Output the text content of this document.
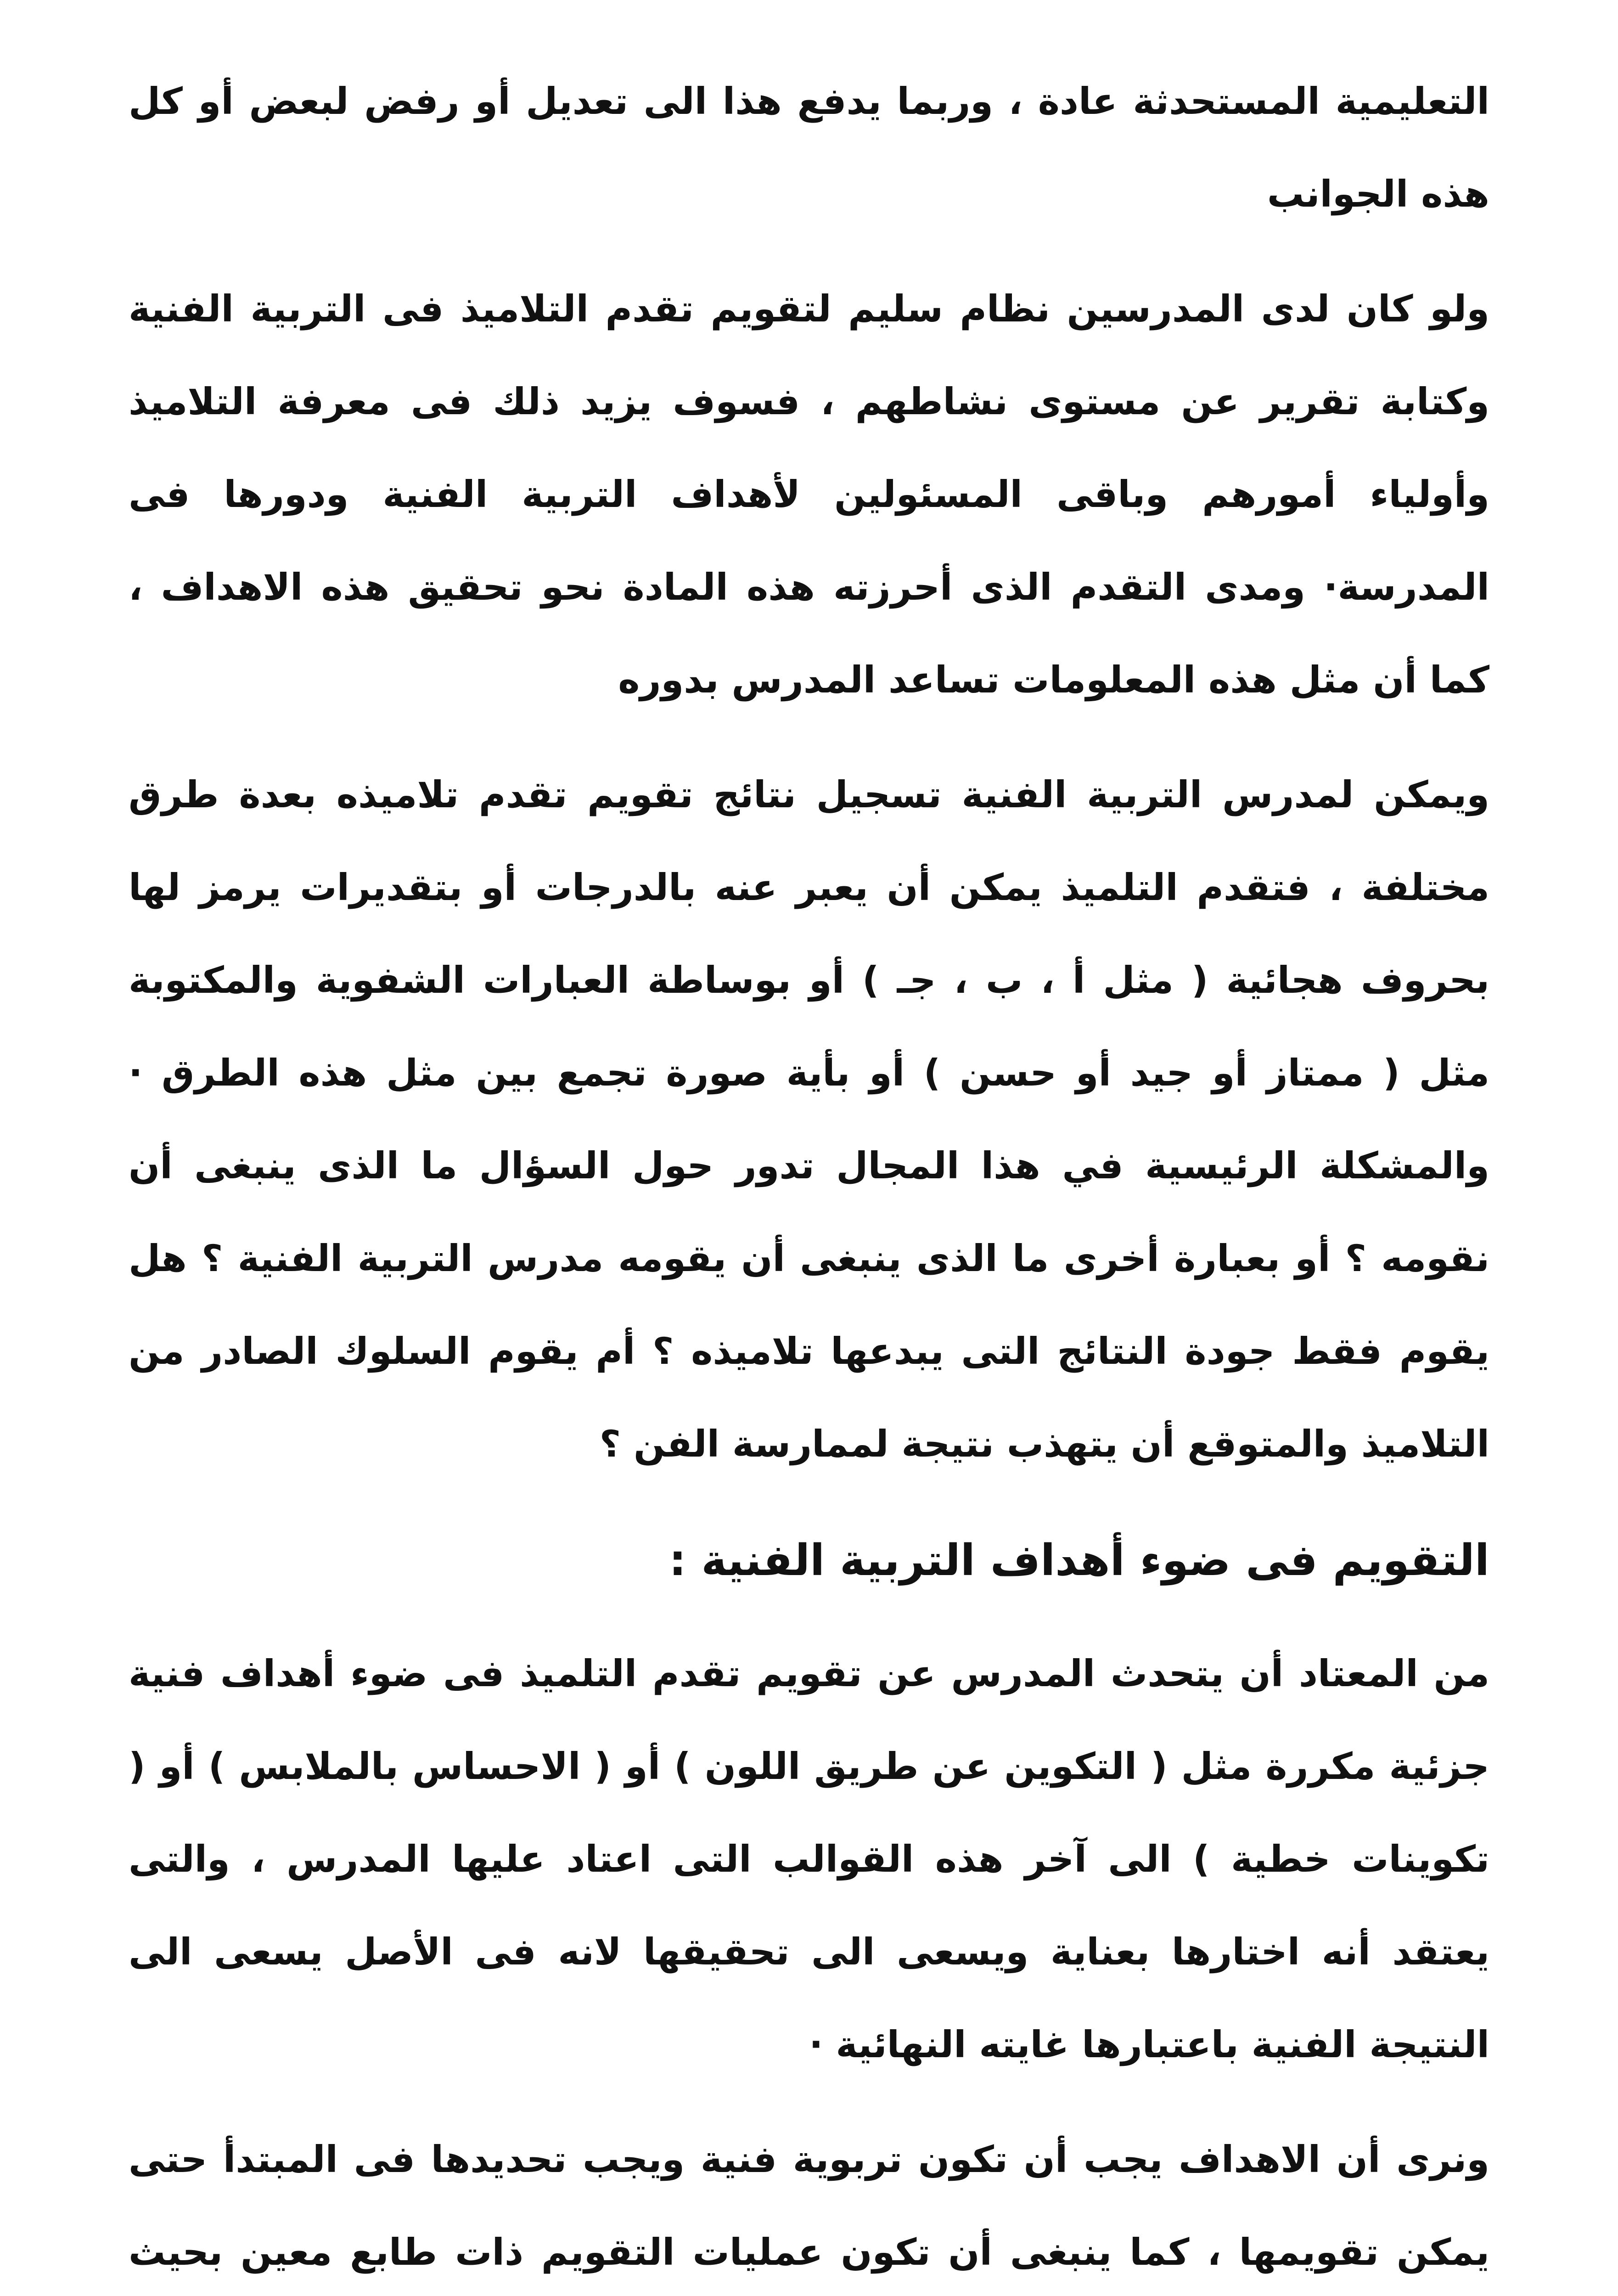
التعليمية المستحدثة عادة ، وربما يدفع هذا الى تعديل أو رفض لبعض أو كل هذه الجوانب

ولو كان لدى المدرسين نظام سليم لتقويم تقدم التلاميذ فى التربية الفنية وكتابة تقرير عن مستوى نشاطهم ، فسوف يزيد ذلك فى معرفة التلاميذ وأولياء أمورهم وباقى المسئولين لأهداف التربية الفنية ودورها فى المدرسة· ومدى التقدم الذى أحرزته هذه المادة نحو تحقيق هذه الاهداف ، كما أن مثل هذه المعلومات تساعد المدرس بدوره

ويمكن لمدرس التربية الفنية تسجيل نتائج تقويم تقدم تلاميذه بعدة طرق مختلفة ، فتقدم التلميذ يمكن أن يعبر عنه بالدرجات أو بتقديرات يرمز لها بحروف هجائية ( مثل أ ، ب ، جـ ) أو بوساطة العبارات الشفوية والمكتوبة مثل ( ممتاز أو جيد أو حسن ) أو بأية صورة تجمع بين مثل هذه الطرق · والمشكلة الرئيسية في هذا المجال تدور حول السؤال ما الذى ينبغى أن نقومه ؟ أو بعبارة أخرى ما الذى ينبغى أن يقومه مدرس التربية الفنية ؟ هل يقوم فقط جودة النتائج التى يبدعها تلاميذه ؟ أم يقوم السلوك الصادر من التلاميذ والمتوقع أن يتهذب نتيجة لممارسة الفن ؟

التقويم فى ضوء أهداف التربية الفنية :

من المعتاد أن يتحدث المدرس عن تقويم تقدم التلميذ فى ضوء أهداف فنية جزئية مكررة مثل ( التكوين عن طريق اللون ) أو ( الاحساس بالملابس ) أو ( تكوينات خطية ) الى آخر هذه القوالب التى اعتاد عليها المدرس ، والتى يعتقد أنه اختارها بعناية ويسعى الى تحقيقها لانه فى الأصل يسعى الى النتيجة الفنية باعتبارها غايته النهائية ·

ونرى أن الاهداف يجب أن تكون تربوية فنية ويجب تحديدها فى المبتدأ حتى يمكن تقويمها ، كما ينبغى أن تكون عمليات التقويم ذات طابع معين بحيث
